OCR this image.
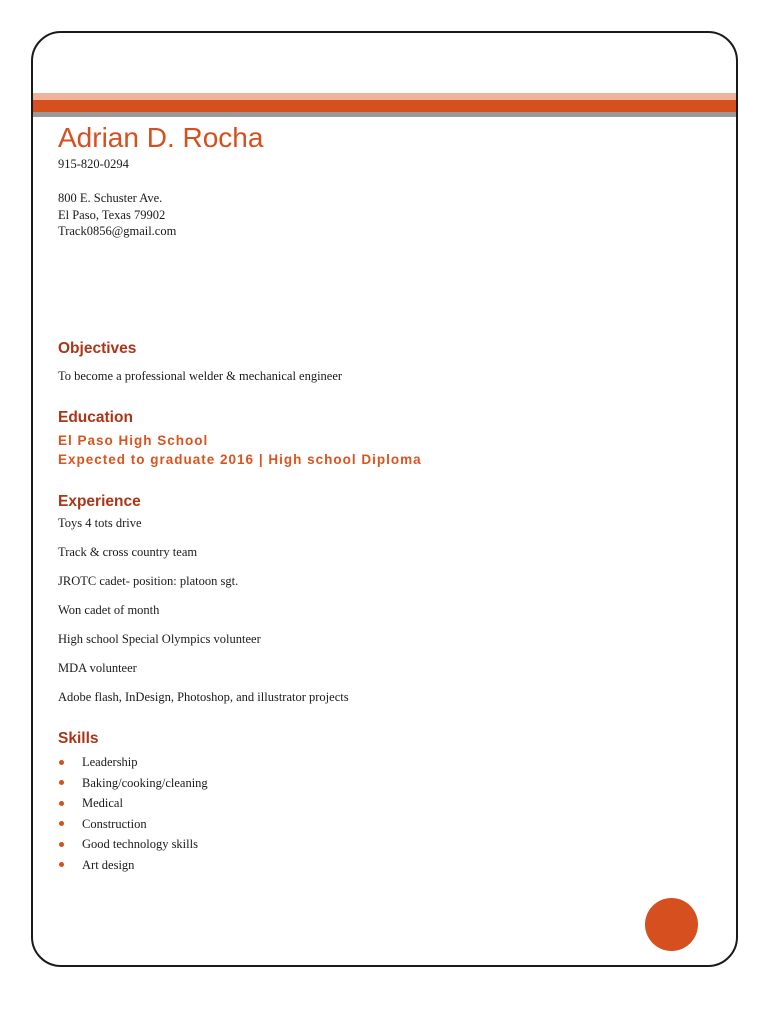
Adrian D. Rocha
915-820-0294
800 E. Schuster Ave.
El Paso, Texas 79902
Track0856@gmail.com
Objectives
To become a professional welder & mechanical engineer
Education
El Paso High School
Expected to graduate 2016 | High school Diploma
Experience
Toys 4 tots drive
Track & cross country team
JROTC cadet- position: platoon sgt.
Won cadet of month
High school Special Olympics volunteer
MDA volunteer
Adobe flash, InDesign, Photoshop, and illustrator projects
Skills
Leadership
Baking/cooking/cleaning
Medical
Construction
Good technology skills
Art design
